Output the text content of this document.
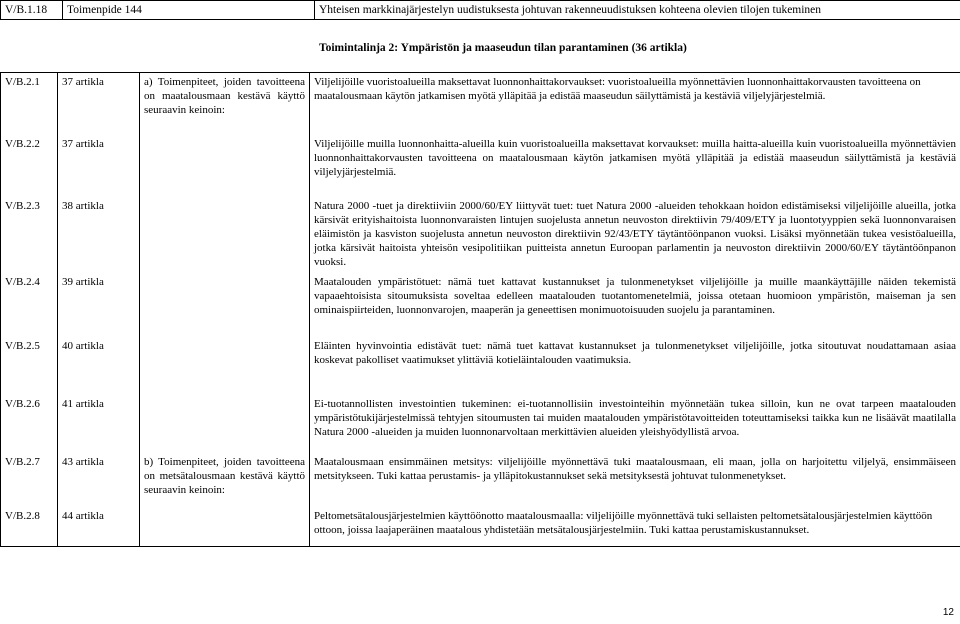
V/B.1.18	Toimenpide 144	Yhteisen markkinajärjestelyn uudistuksesta johtuvan rakenneuudistuksen kohteena olevien tilojen tukeminen
Toimintalinja 2: Ympäristön ja maaseudun tilan parantaminen (36 artikla)
V/B.2.1	37 artikla	a) Toimenpiteet, joiden tavoitteena on maatalousmaan kestävä käyttö seuraavin keinoin:	Viljelijöille vuoristoalueilla maksettavat luonnonhaittakorvaukset: vuoristoalueilla myönnettävien luonnonhaittakorvausten tavoitteena on maatalousmaan käytön jatkamisen myötä ylläpitää ja edistää maaseudun säilyttämistä ja kestäviä viljelyjärjestelmiä.
V/B.2.2	37 artikla		Viljelijöille muilla luonnonhaitta-alueilla kuin vuoristoalueilla maksettavat korvaukset: muilla haitta-alueilla kuin vuoristoalueilla myönnettävien luonnonhaittakorvausten tavoitteena on maatalousmaan käytön jatkamisen myötä ylläpitää ja edistää maaseudun säilyttämistä ja kestäviä viljelyjärjestelmiä.
V/B.2.3	38 artikla		Natura 2000 -tuet ja direktiiviin 2000/60/EY liittyvät tuet: tuet Natura 2000 -alueiden tehokkaan hoidon edistämiseksi viljelijöille alueilla, jotka kärsivät erityishaitoista luonnonvaraisten lintujen suojelusta annetun neuvoston direktiivin 79/409/ETY ja luontotyyppien sekä luonnonvaraisen eläimistön ja kasviston suojelusta annetun neuvoston direktiivin 92/43/ETY täytäntöönpanon vuoksi. Lisäksi myönnetään tukea vesistöalueilla, jotka kärsivät haitoista yhteisön vesipolitiikan puitteista annetun Euroopan parlamentin ja neuvoston direktiivin 2000/60/EY täytäntöönpanon vuoksi.
V/B.2.4	39 artikla		Maatalouden ympäristötuet: nämä tuet kattavat kustannukset ja tulonmenetykset viljelijöille ja muille maankäyttäjille näiden tekemistä vapaaehtoisista sitoumuksista soveltaa edelleen maatalouden tuotantomenetelmiä, joissa otetaan huomioon ympäristön, maiseman ja sen ominaispiirteiden, luonnonvarojen, maaperän ja geneettisen monimuotoisuuden suojelu ja parantaminen.
V/B.2.5	40 artikla		Eläinten hyvinvointia edistävät tuet: nämä tuet kattavat kustannukset ja tulonmenetykset viljelijöille, jotka sitoutuvat noudattamaan asiaa koskevat pakolliset vaatimukset ylittäviä kotieläintalouden vaatimuksia.
V/B.2.6	41 artikla		Ei-tuotannollisten investointien tukeminen: ei-tuotannollisiin investointeihin myönnetään tukea silloin, kun ne ovat tarpeen maatalouden ympäristötukijärjestelmissä tehtyjen sitoumusten tai muiden maatalouden ympäristötavoitteiden toteuttamiseksi taikka kun ne lisäävät maatilalla Natura 2000 -alueiden ja muiden luonnonarvoltaan merkittävien alueiden yleishyödyllistä arvoa.
V/B.2.7	43 artikla	b) Toimenpiteet, joiden tavoitteena on metsätalousmaan kestävä käyttö seuraavin keinoin:	Maatalousmaan ensimmäinen metsitys: viljelijöille myönnettävä tuki maatalousmaan, eli maan, jolla on harjoitettu viljelyä, ensimmäiseen metsitykseen. Tuki kattaa perustamis- ja ylläpitokustannukset sekä metsityksestä johtuvat tulonmenetykset.
V/B.2.8	44 artikla		Peltometsätalousjärjestelmien käyttöönotto maatalousmaalla: viljelijöille myönnettävä tuki sellaisten peltometsätalousjärjestelmien käyttöön ottoon, joissa laajaperäinen maatalous yhdistetään metsätalousjärjestelmiin. Tuki kattaa perustamiskustannukset.
12
